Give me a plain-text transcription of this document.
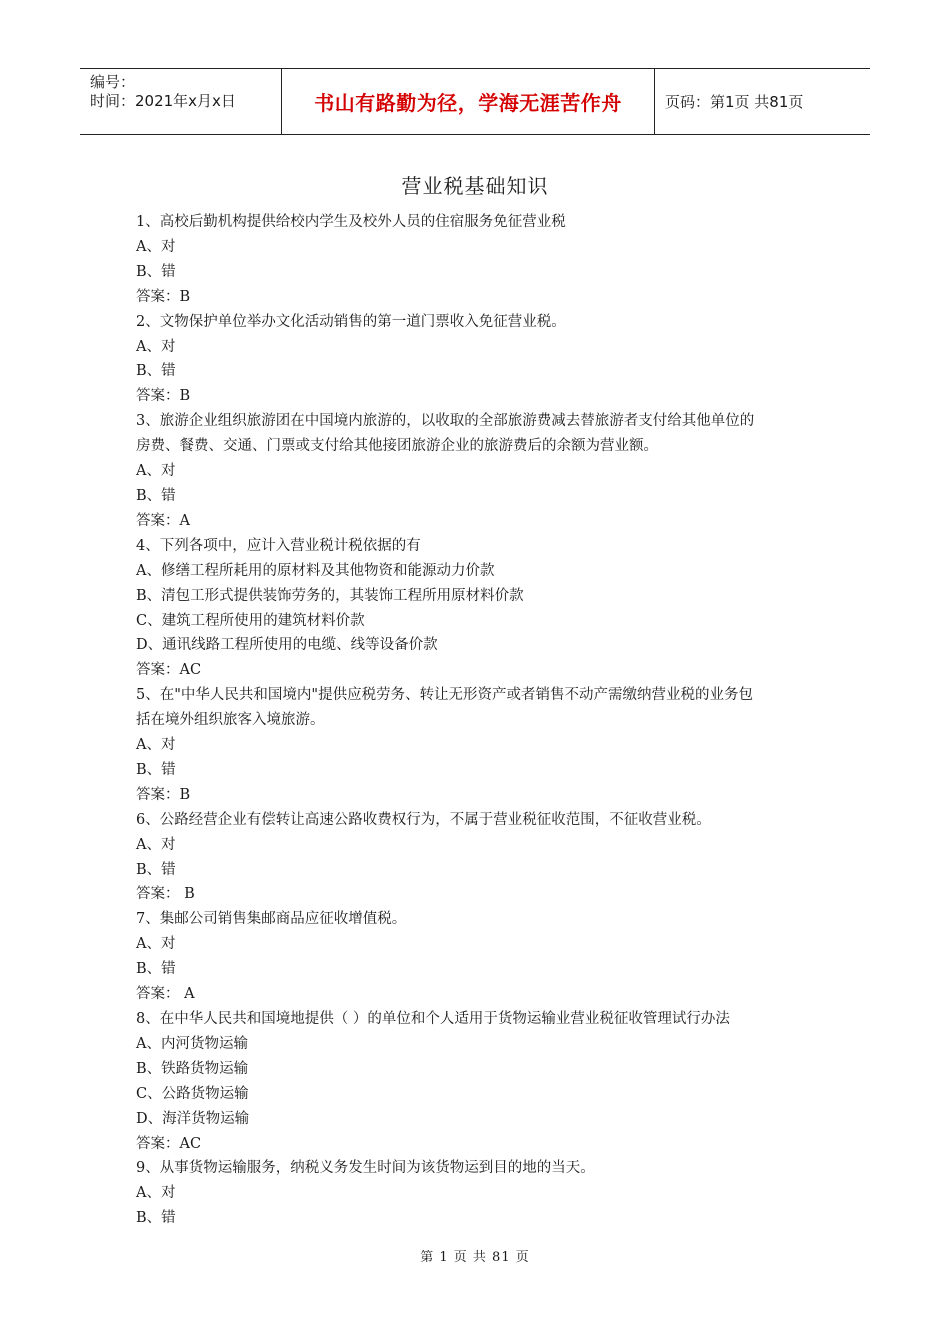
编号：
时间：2021年x月x日	书山有路勤为径，学海无涯苦作舟	页码：第1页 共81页
营业税基础知识
1、高校后勤机构提供给校内学生及校外人员的住宿服务免征营业税
A、对
B、错
答案：B
2、文物保护单位举办文化活动销售的第一道门票收入免征营业税。
A、对
B、错
答案：B
3、旅游企业组织旅游团在中国境内旅游的，以收取的全部旅游费减去替旅游者支付给其他单位的
房费、餐费、交通、门票或支付给其他接团旅游企业的旅游费后的余额为营业额。
A、对
B、错
答案：A
4、下列各项中，应计入营业税计税依据的有
A、修缮工程所耗用的原材料及其他物资和能源动力价款
B、清包工形式提供装饰劳务的，其装饰工程所用原材料价款
C、建筑工程所使用的建筑材料价款
D、通讯线路工程所使用的电缆、线等设备价款
答案：AC
5、在"中华人民共和国境内"提供应税劳务、转让无形资产或者销售不动产需缴纳营业税的业务包
括在境外组织旅客入境旅游。
A、对
B、错
答案：B
6、公路经营企业有偿转让高速公路收费权行为，不属于营业税征收范围，不征收营业税。
A、对
B、错
答案： B
7、集邮公司销售集邮商品应征收增值税。
A、对
B、错
答案： A
8、在中华人民共和国境地提供（ ）的单位和个人适用于货物运输业营业税征收管理试行办法
A、内河货物运输
B、铁路货物运输
C、公路货物运输
D、海洋货物运输
答案：AC
9、从事货物运输服务，纳税义务发生时间为该货物运到目的地的当天。
A、对
B、错
第 1 页 共 81 页
